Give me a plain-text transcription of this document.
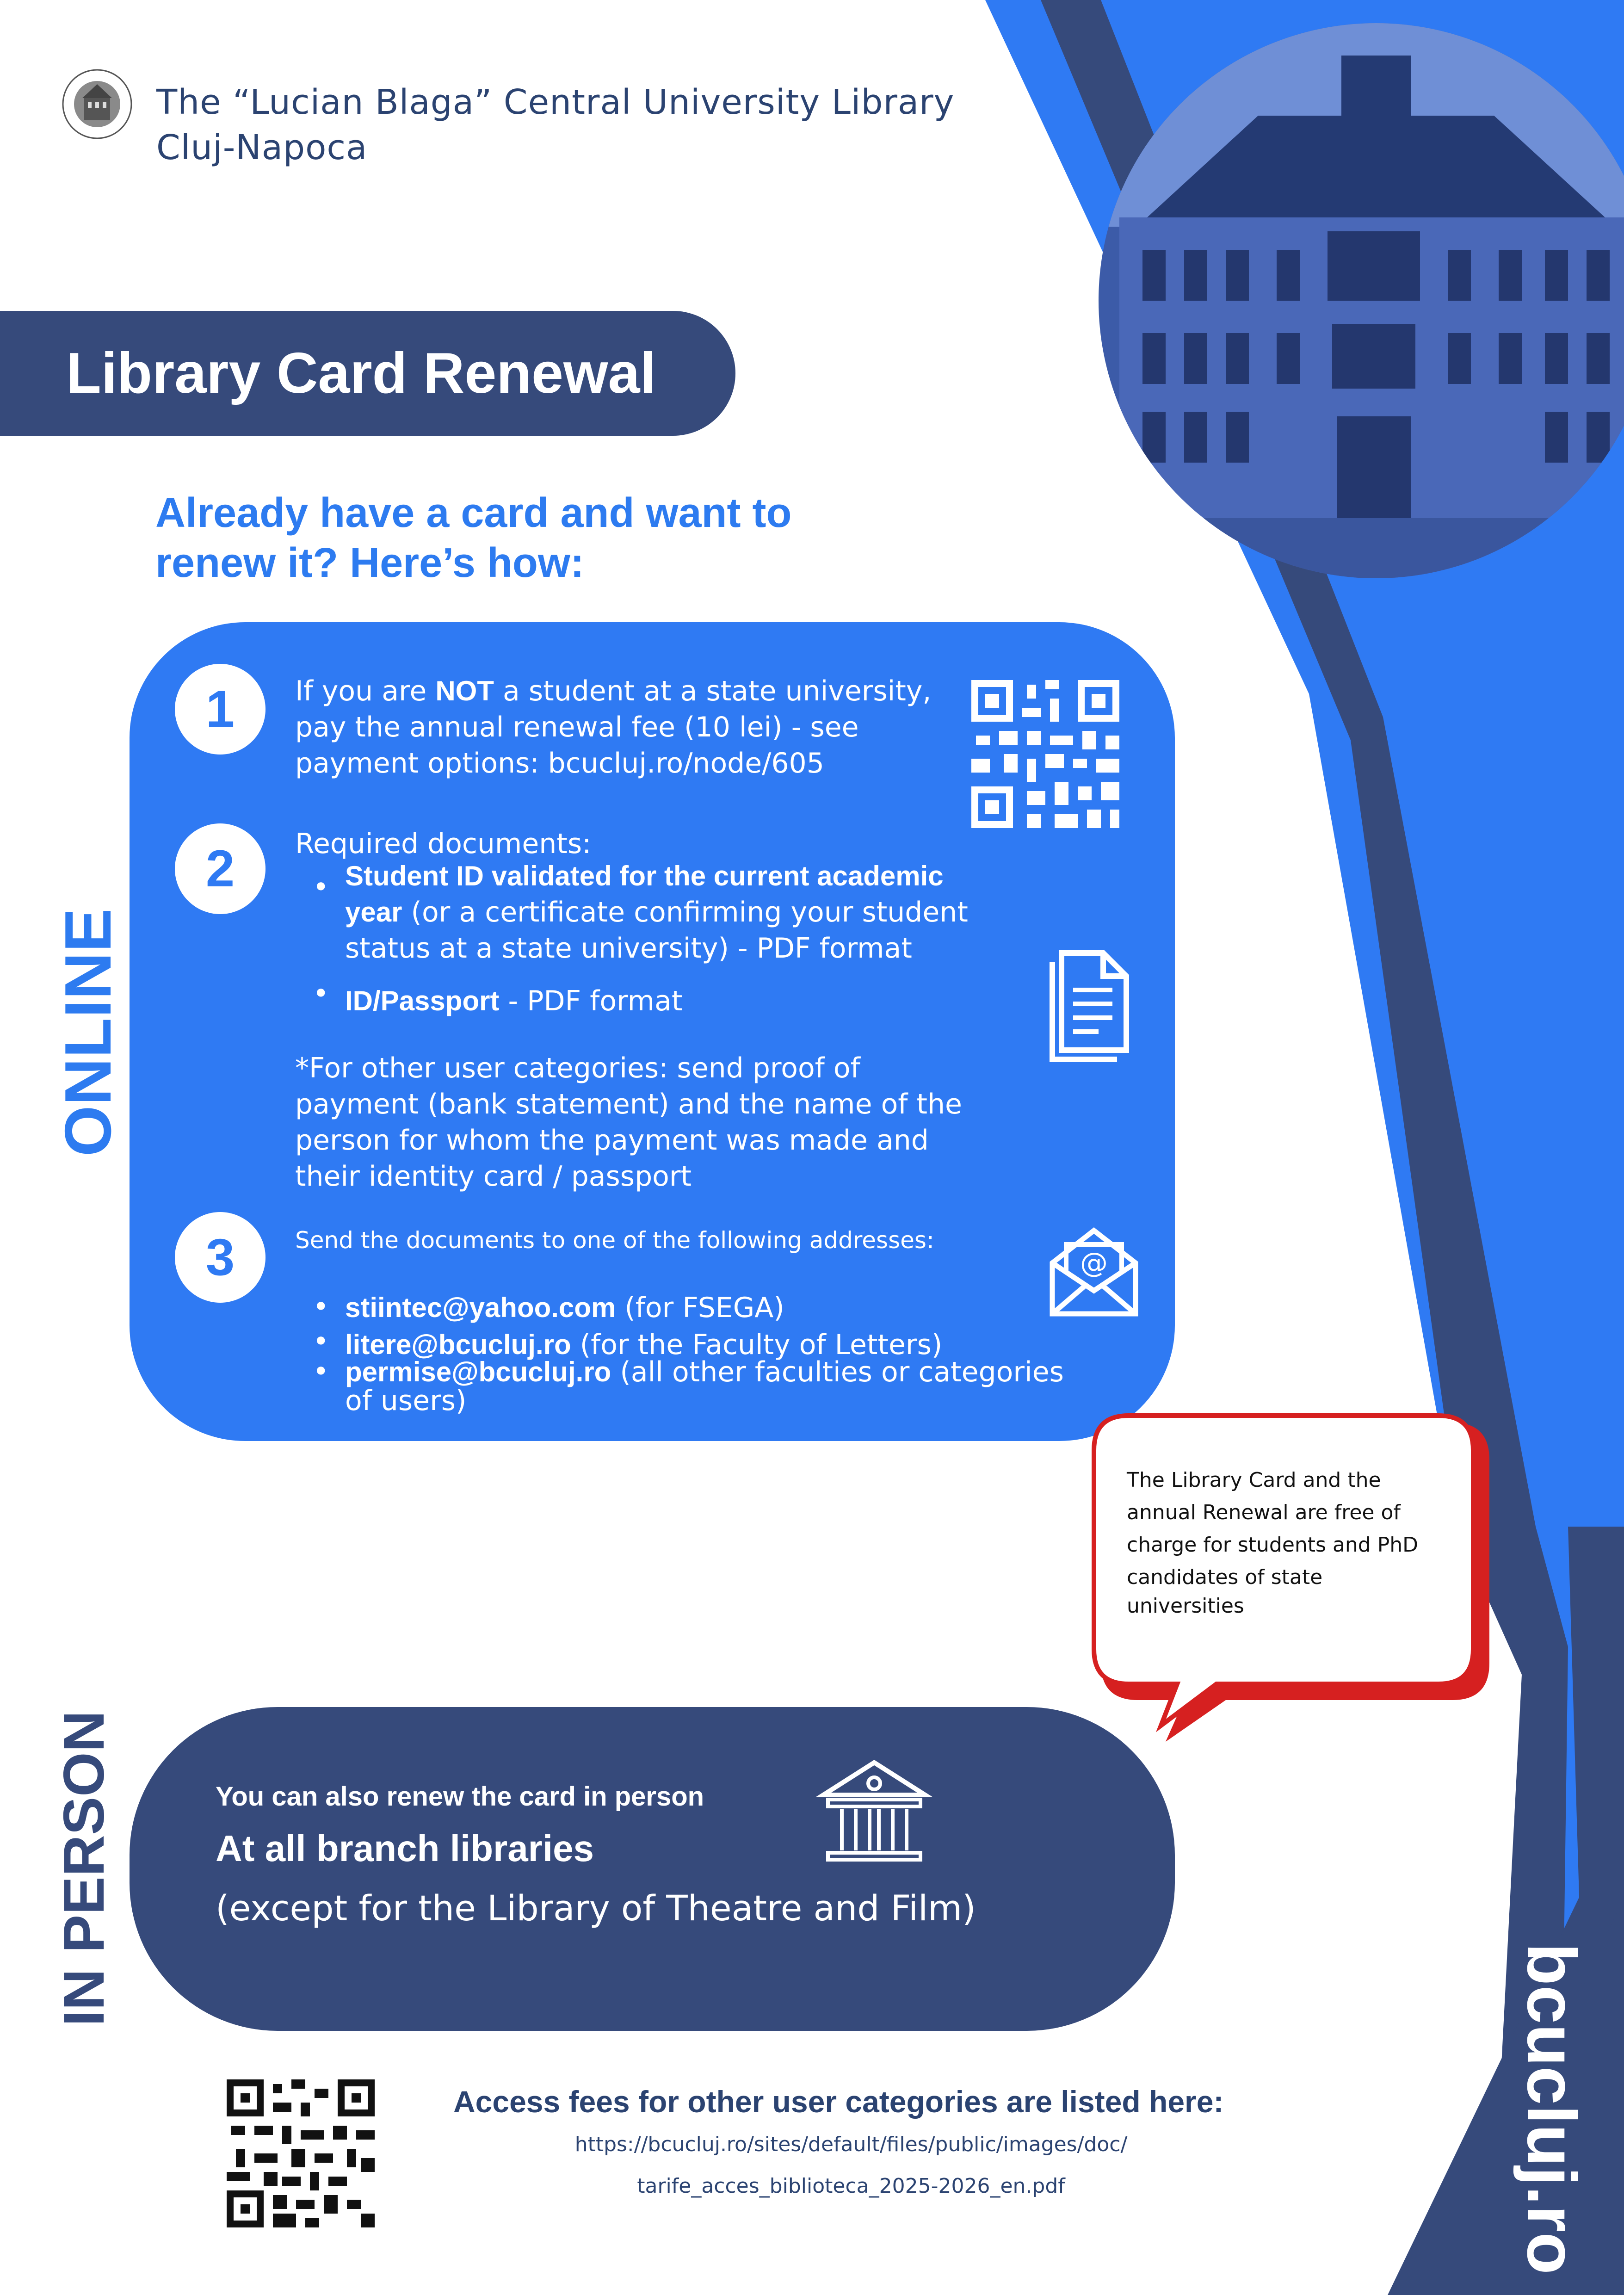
The “Lucian Blaga” Central University Library
Cluj-Napoca
Library Card Renewal
Already have a card and want to
renew it? Here’s how:
ONLINE
IN PERSON
1	If you are NOT a student at a state university,
pay the annual renewal fee (10 lei) - see
payment options: bcucluj.ro/node/605
2	Required documents:
• Student ID validated for the current academic
year (or a certificate confirming your student
status at a state university) - PDF format
• ID/Passport - PDF format
*For other user categories: send proof of
payment (bank statement) and the name of the
person for whom the payment was made and
their identity card / passport
3	Send the documents to one of the following addresses:
@
• stiintec@yahoo.com (for FSEGA)
• litere@bcucluj.ro (for the Faculty of Letters)
• permise@bcucluj.ro (all other faculties or categories
of users)
The Library Card and the
annual Renewal are free of
charge for students and PhD
candidates of state
universities
You can also renew the card in person
At all branch libraries
(except for the Library of Theatre and Film)
Access fees for other user categories are listed here:
https://bcucluj.ro/sites/default/files/public/images/doc/
tarife_acces_biblioteca_2025-2026_en.pdf	bcucluj.ro
